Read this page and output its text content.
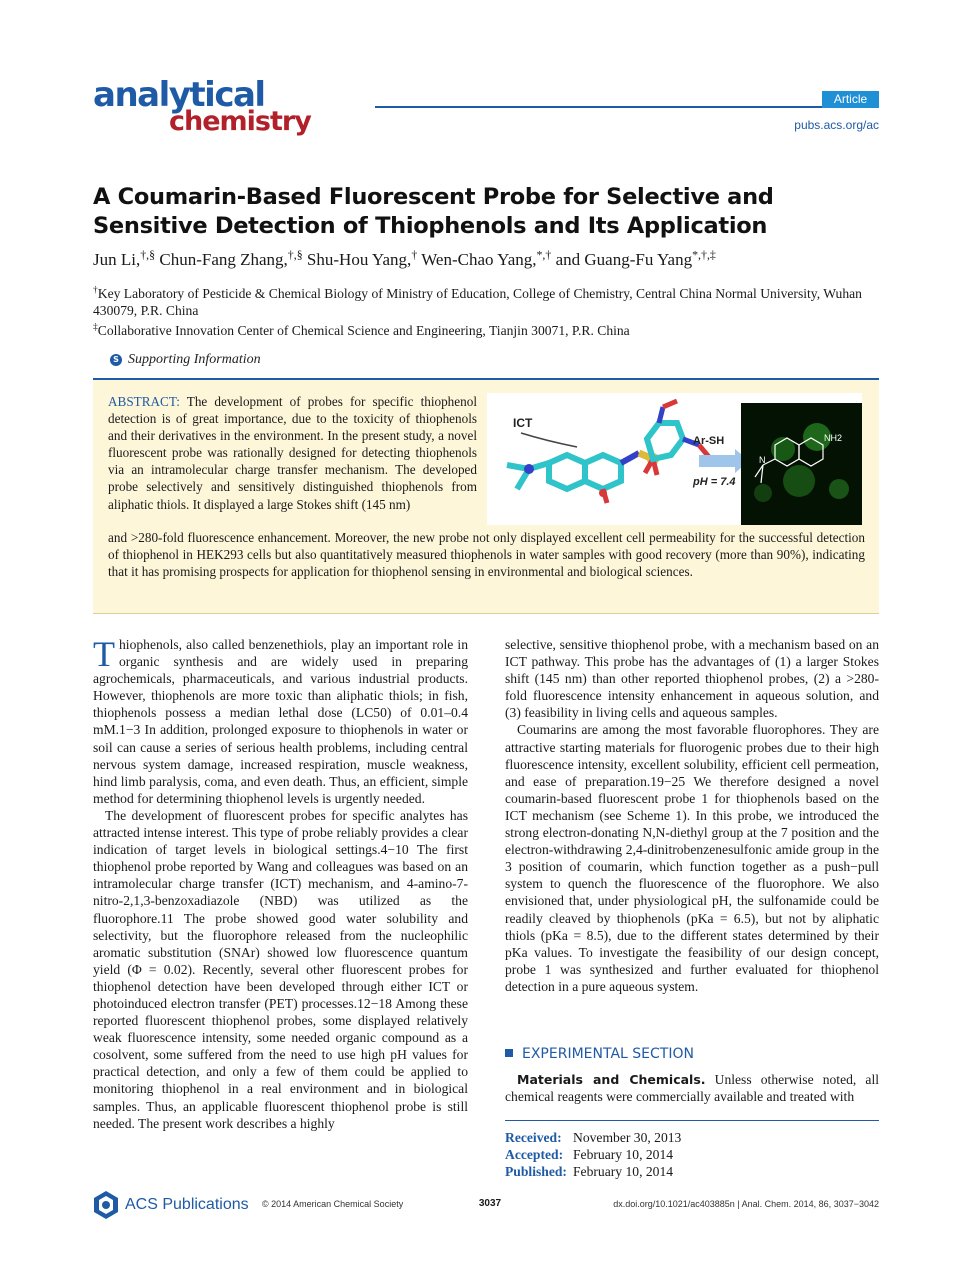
analytical
chemistry
Article
pubs.acs.org/ac
A Coumarin-Based Fluorescent Probe for Selective and Sensitive Detection of Thiophenols and Its Application
Jun Li,†,§ Chun-Fang Zhang,†,§ Shu-Hou Yang,† Wen-Chao Yang,*,† and Guang-Fu Yang*,†,‡
†Key Laboratory of Pesticide & Chemical Biology of Ministry of Education, College of Chemistry, Central China Normal University, Wuhan 430079, P.R. China
‡Collaborative Innovation Center of Chemical Science and Engineering, Tianjin 30071, P.R. China
S Supporting Information
ABSTRACT: The development of probes for specific thiophenol detection is of great importance, due to the toxicity of thiophenols and their derivatives in the environment. In the present study, a novel fluorescent probe was rationally designed for detecting thiophenols via an intramolecular charge transfer mechanism. The developed probe selectively and sensitively distinguished thiophenols from aliphatic thiols. It displayed a large Stokes shift (145 nm)
and >280-fold fluorescence enhancement. Moreover, the new probe not only displayed excellent cell permeability for the successful detection of thiophenol in HEK293 cells but also quantitatively measured thiophenols in water samples with good recovery (more than 90%), indicating that it has promising prospects for application for thiophenol sensing in environmental and biological sciences.
ICT
Ar-SH
pH = 7.4
NH2
N

Thiophenols, also called benzenethiols, play an important role in organic synthesis and are widely used in preparing agrochemicals, pharmaceuticals, and various industrial products. However, thiophenols are more toxic than aliphatic thiols; in fish, thiophenols possess a median lethal dose (LC50) of 0.01–0.4 mM.1−3 In addition, prolonged exposure to thiophenols in water or soil can cause a series of serious health problems, including central nervous system damage, increased respiration, muscle weakness, hind limb paralysis, coma, and even death. Thus, an efficient, simple method for determining thiophenol levels is urgently needed.

The development of fluorescent probes for specific analytes has attracted intense interest. This type of probe reliably provides a clear indication of target levels in biological settings.4−10 The first thiophenol probe reported by Wang and colleagues was based on an intramolecular charge transfer (ICT) mechanism, and 4-amino-7-nitro-2,1,3-benzoxadiazole (NBD) was utilized as the fluorophore.11 The probe showed good water solubility and selectivity, but the fluorophore released from the nucleophilic aromatic substitution (SNAr) showed low fluorescence quantum yield (Φ = 0.02). Recently, several other fluorescent probes for thiophenol detection have been developed through either ICT or photoinduced electron transfer (PET) processes.12−18 Among these reported fluorescent thiophenol probes, some displayed relatively weak fluorescence intensity, some needed organic compound as a cosolvent, some suffered from the need to use high pH values for practical detection, and only a few of them could be applied to monitoring thiophenol in a real environment and in biological samples. Thus, an applicable fluorescent thiophenol probe is still needed. The present work describes a highly

selective, sensitive thiophenol probe, with a mechanism based on an ICT pathway. This probe has the advantages of (1) a larger Stokes shift (145 nm) than other reported thiophenol probes, (2) a >280-fold fluorescence intensity enhancement in aqueous solution, and (3) feasibility in living cells and aqueous samples.

Coumarins are among the most favorable fluorophores. They are attractive starting materials for fluorogenic probes due to their high fluorescence intensity, excellent solubility, efficient cell permeation, and ease of preparation.19−25 We therefore designed a novel coumarin-based fluorescent probe 1 for thiophenols based on the ICT mechanism (see Scheme 1). In this probe, we introduced the strong electron-donating N,N-diethyl group at the 7 position and the electron-withdrawing 2,4-dinitrobenzenesulfonic amide group in the 3 position of coumarin, which function together as a push−pull system to quench the fluorescence of the fluorophore. We also envisioned that, under physiological pH, the sulfonamide could be readily cleaved by thiophenols (pKa = 6.5), but not by aliphatic thiols (pKa = 8.5), due to the different states determined by their pKa values. To investigate the feasibility of our design concept, probe 1 was synthesized and further evaluated for thiophenol detection in a pure aqueous system.

EXPERIMENTAL SECTION

Materials and Chemicals. Unless otherwise noted, all chemical reagents were commercially available and treated with

Received: November 30, 2013
Accepted: February 10, 2014
Published: February 10, 2014
ACS Publications © 2014 American Chemical Society	3037	dx.doi.org/10.1021/ac403885n | Anal. Chem. 2014, 86, 3037−3042
